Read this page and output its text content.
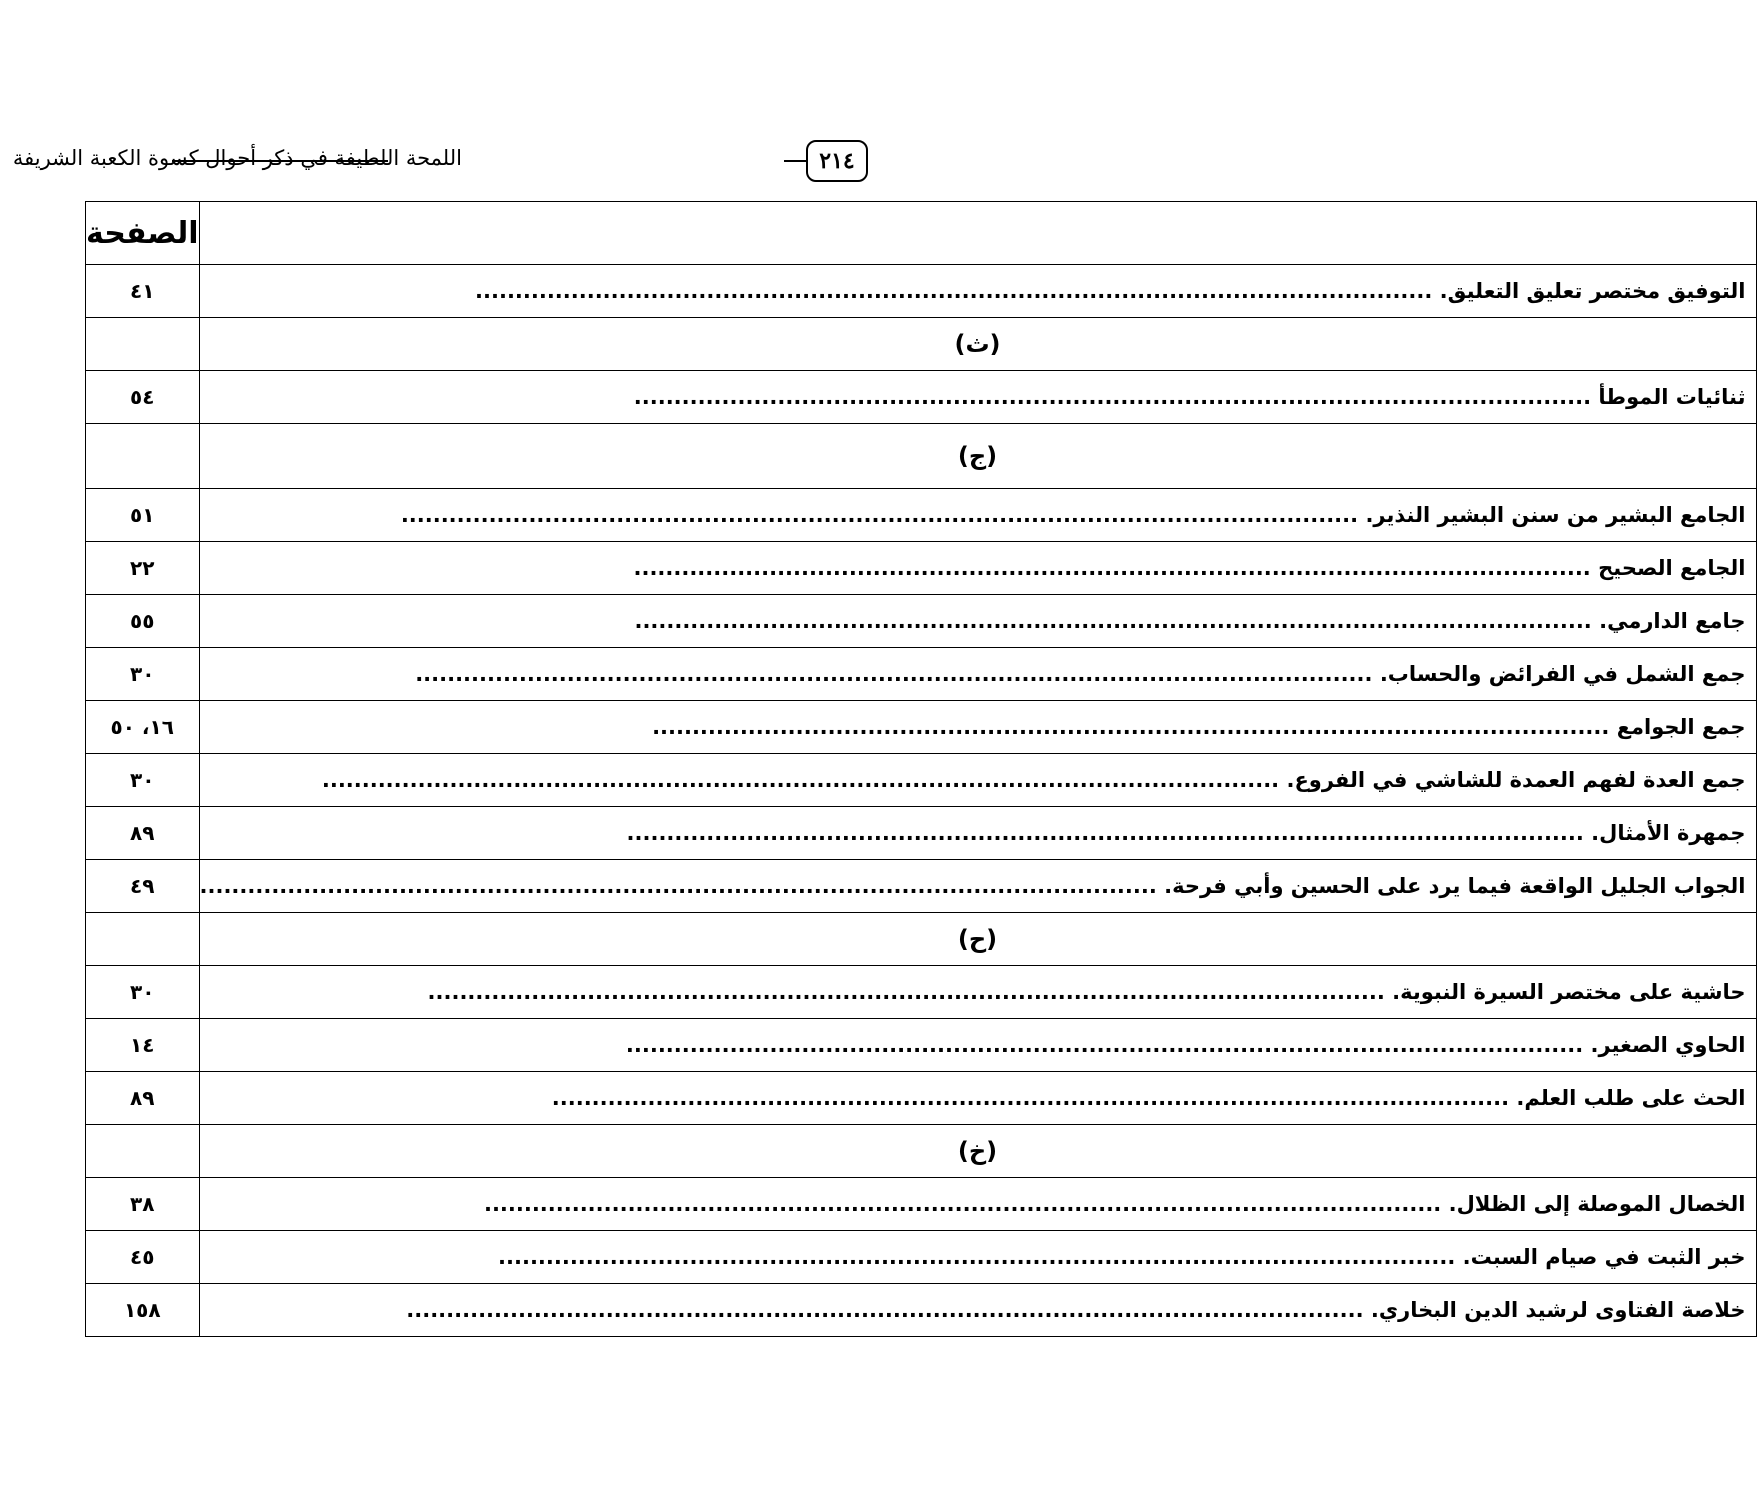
٢١٤
اللمحة اللطيفة في ذكر أحوال كسوة الكعبة الشريفة
	الصفحة
التوفيق مختصر تعليق التعليق. ........................................................................................................................	٤١
(ث)	
ثنائيات الموطأ ........................................................................................................................	٥٤
(ج)	
الجامع البشير من سنن البشير النذير. ........................................................................................................................	٥١
الجامع الصحيح ........................................................................................................................	٢٢
جامع الدارمي. ........................................................................................................................	٥٥
جمع الشمل في الفرائض والحساب. ........................................................................................................................	٣٠
جمع الجوامع ........................................................................................................................	١٦، ٥٠
جمع العدة لفهم العمدة للشاشي في الفروع. ........................................................................................................................	٣٠
جمهرة الأمثال. ........................................................................................................................	٨٩
الجواب الجليل الواقعة فيما يرد على الحسين وأبي فرحة. ........................................................................................................................	٤٩
(ح)	
حاشية على مختصر السيرة النبوية. ........................................................................................................................	٣٠
الحاوي الصغير. ........................................................................................................................	١٤
الحث على طلب العلم. ........................................................................................................................	٨٩
(خ)	
الخصال الموصلة إلى الظلال. ........................................................................................................................	٣٨
خبر الثبت في صيام السبت. ........................................................................................................................	٤٥
خلاصة الفتاوى لرشيد الدين البخاري. ........................................................................................................................	١٥٨
